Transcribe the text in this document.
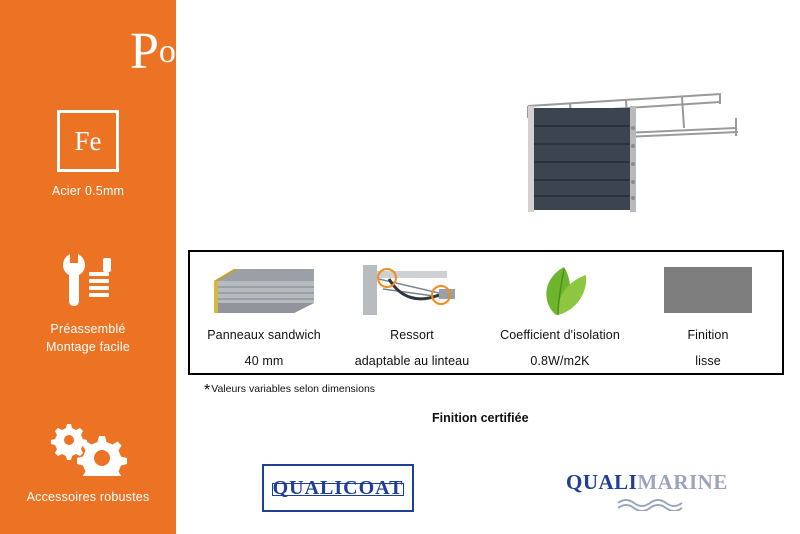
Fe
Acier 0.5mm
Préassemblé
Montage facile
Accessoires robustes
Porte industrielle levante lisse
Panneaux sandwich
40 mm
Ressort
adaptable au linteau
Coefficient d'isolation
0.8W/m2K
Finition
lisse
*Valeurs variables selon dimensions
Finition certifiée
QUALICOAT	QUALIMARINE
